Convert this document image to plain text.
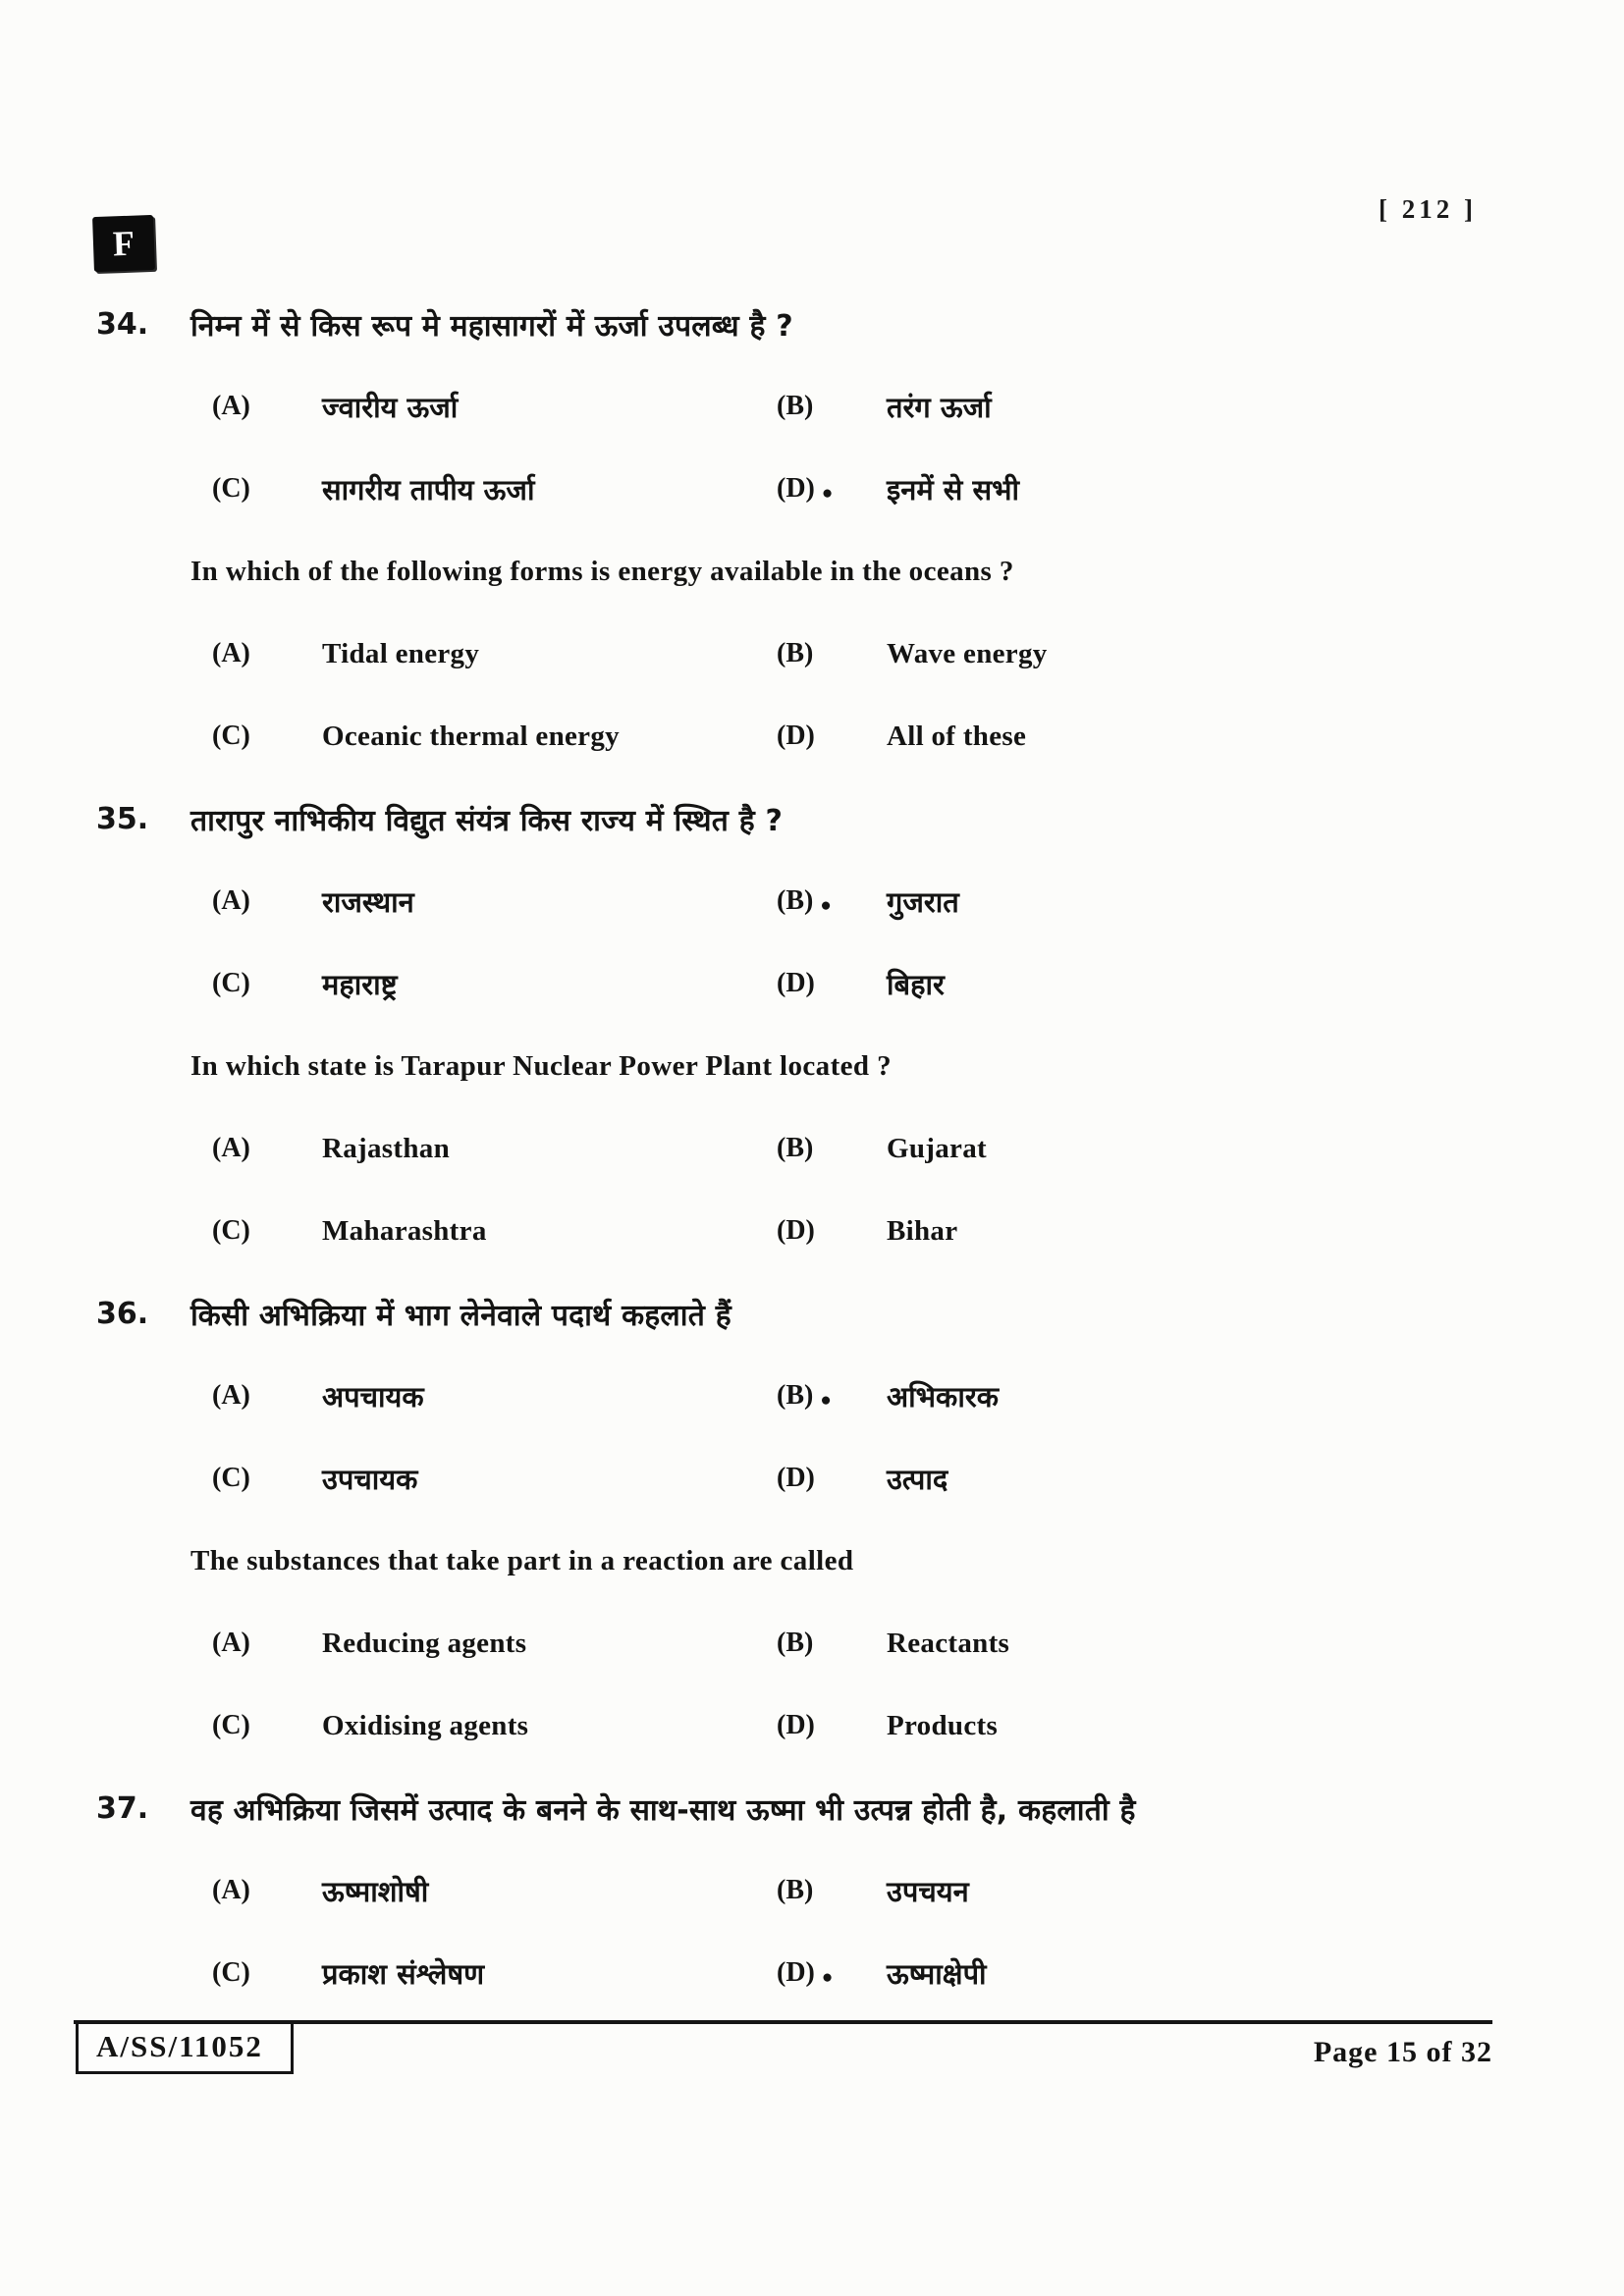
F
[ 212 ]
34.	निम्न में से किस रूप मे महासागरों में ऊर्जा उपलब्ध है ?
(A)	ज्वारीय ऊर्जा	(B)	तरंग ऊर्जा
(C)	सागरीय तापीय ऊर्जा	(D) ● इनमें से सभी
In which of the following forms is energy available in the oceans ?
(A)	Tidal energy	(B)	Wave energy
(C)	Oceanic thermal energy	(D)	All of these
35.	तारापुर नाभिकीय विद्युत संयंत्र किस राज्य में स्थित है ?
(A)	राजस्थान	(B) ● गुजरात
(C)	महाराष्ट्र	(D)	बिहार
In which state is Tarapur Nuclear Power Plant located ?
(A)	Rajasthan	(B)	Gujarat
(C)	Maharashtra	(D)	Bihar
36.	किसी अभिक्रिया में भाग लेनेवाले पदार्थ कहलाते हैं
(A)	अपचायक	(B) ● अभिकारक
(C)	उपचायक	(D)	उत्पाद
The substances that take part in a reaction are called
(A)	Reducing agents	(B)	Reactants
(C)	Oxidising agents	(D)	Products
37.	वह अभिक्रिया जिसमें उत्पाद के बनने के साथ-साथ ऊष्मा भी उत्पन्न होती है, कहलाती है
(A)	ऊष्माशोषी	(B)	उपचयन
(C)	प्रकाश संश्लेषण	(D) ● ऊष्माक्षेपी
A/SS/11052	Page 15 of 32
